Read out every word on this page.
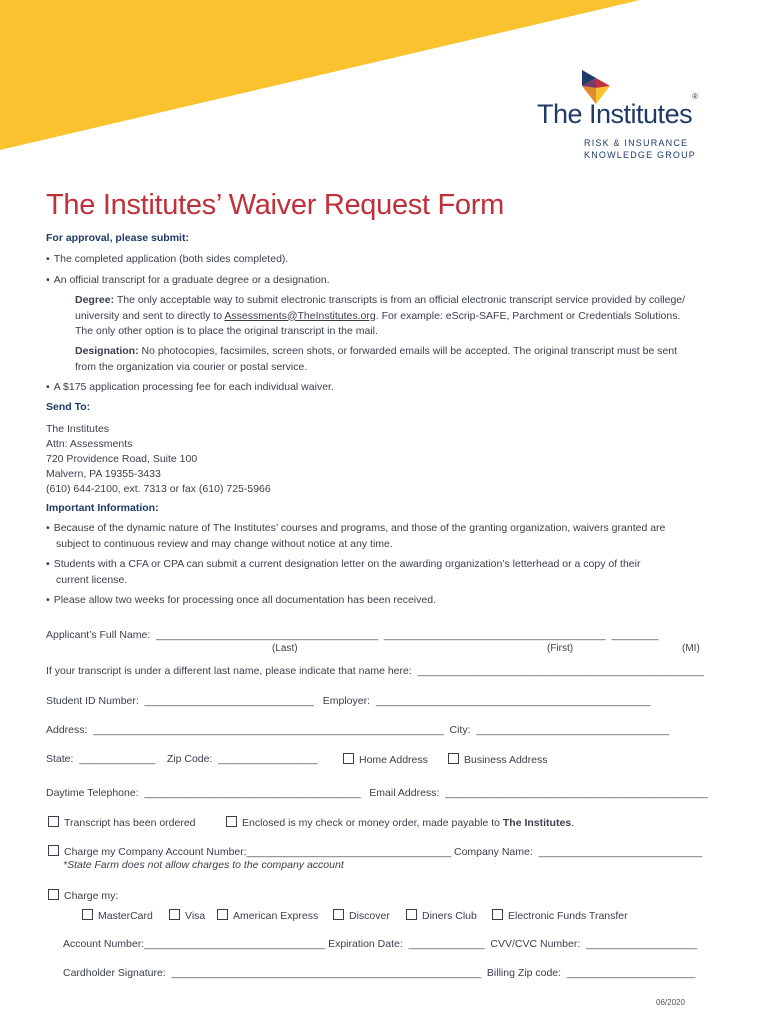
The Institutes®
RISK & INSURANCE
KNOWLEDGE GROUP
The Institutes’ Waiver Request Form
For approval, please submit:
• The completed application (both sides completed).
• An official transcript for a graduate degree or a designation.
Degree: The only acceptable way to submit electronic transcripts is from an official electronic transcript service provided by college/
university and sent to directly to Assessments@TheInstitutes.org. For example: eScrip-SAFE, Parchment or Credentials Solutions.
The only other option is to place the original transcript in the mail.
Designation: No photocopies, facsimiles, screen shots, or forwarded emails will be accepted. The original transcript must be sent
from the organization via courier or postal service.
• A $175 application processing fee for each individual waiver.
Send To:
The Institutes
Attn: Assessments
720 Providence Road, Suite 100
Malvern, PA 19355-3433
(610) 644-2100, ext. 7313 or fax (610) 725-5966
Important Information:
• Because of the dynamic nature of The Institutes’ courses and programs, and those of the granting organization, waivers granted are
subject to continuous review and may change without notice at any time.
• Students with a CFA or CPA can submit a current designation letter on the awarding organization’s letterhead or a copy of their
current license.
• Please allow two weeks for processing once all documentation has been received.
Applicant’s Full Name:  ______________________________________  ______________________________________  ________
(Last)	(First)	(MI)
If your transcript is under a different last name, please indicate that name here:  _________________________________________________
Student ID Number:  _____________________________ Employer:  _______________________________________________
Address:  ____________________________________________________________ City:  _________________________________
State:  _____________ Zip Code:  _________________	Home Address	Business Address
Daytime Telephone:  _____________________________________ Email Address:  _____________________________________________
Transcript has been ordered	Enclosed is my check or money order, made payable to The Institutes.
Charge my Company Account Number:___________________________________ Company Name:  ____________________________
*State Farm does not allow charges to the company account
Charge my:
MasterCard	Visa	American Express	Discover	Diners Club	Electronic Funds Transfer
Account Number:_______________________________ Expiration Date:  _____________ CVV/CVC Number:  ___________________
Cardholder Signature:  _____________________________________________________ Billing Zip code:  ______________________
06/2020
